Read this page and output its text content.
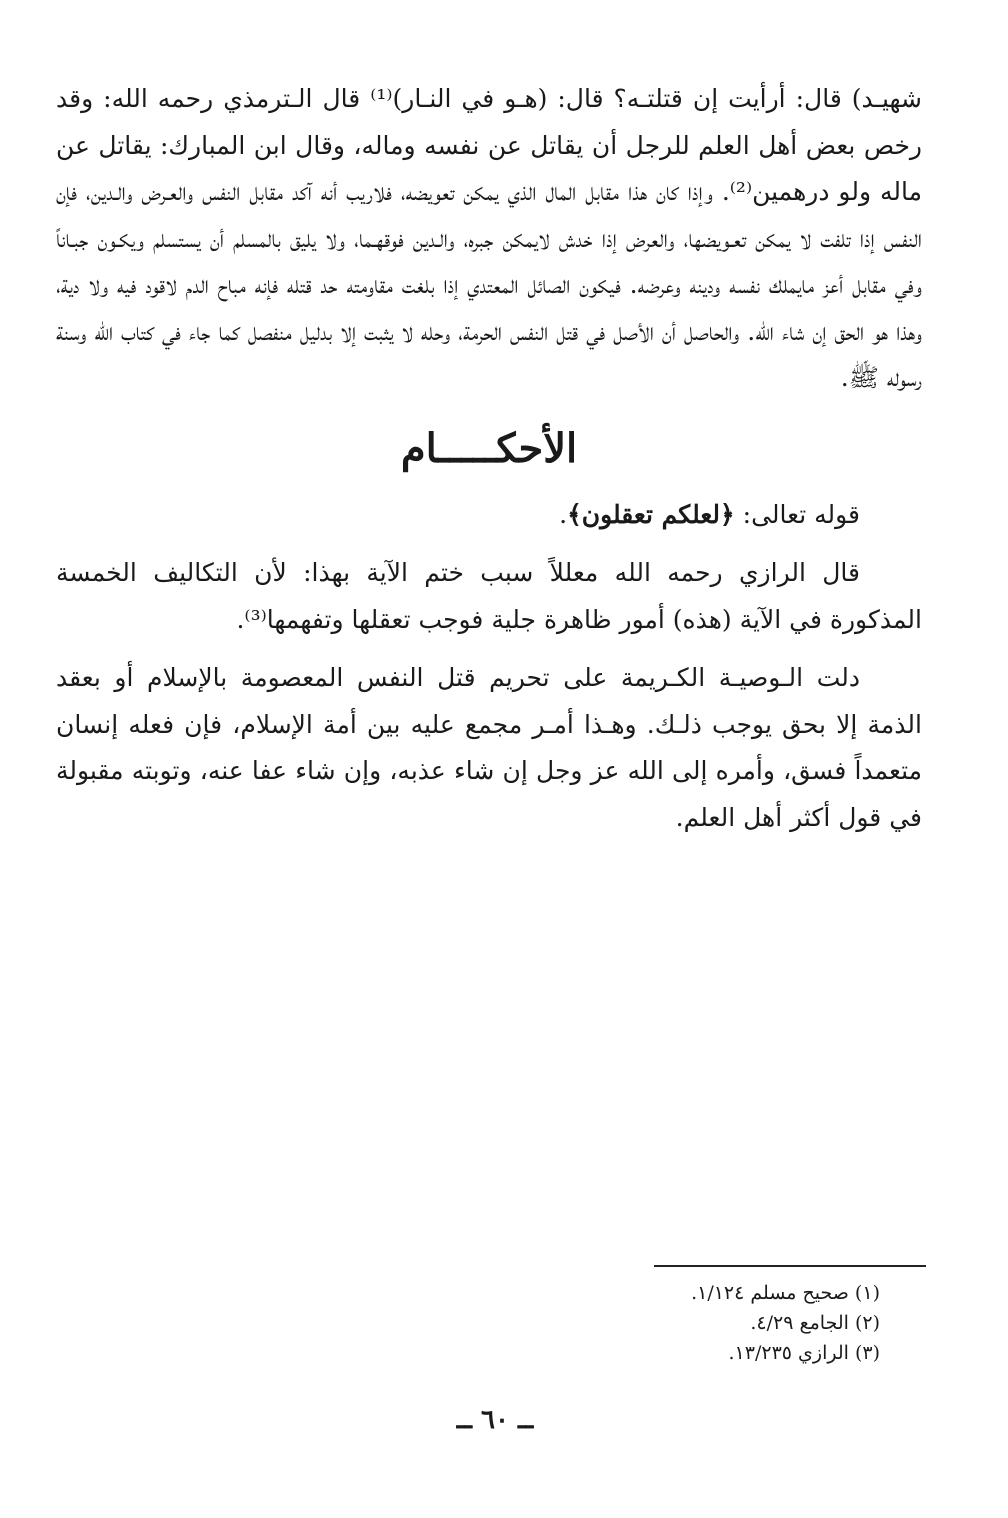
شهيـد) قال: أرأيت إن قتلتـه؟ قال: (هـو في النـار)⁽¹⁾ قال الـترمذي رحمه الله: وقد رخص بعض أهل العلم للرجل أن يقاتل عن نفسه وماله، وقال ابن المبارك: يقاتل عن ماله ولو درهمين⁽²⁾. وإذا كان هذا مقابل المال الذي يمكن تعويضه، فلاريب أنه آكد مقابل النفس والعـرض والـدين، فإن النفس إذا تلفت لا يمكن تعـويضها، والعرض إذا خدش لايمكن جبره، والـدين فوقهـما، ولا يليق بالمسلم أن يستسلم ويكـون جبـاناً وفي مقابل أعز مايملك نفسه ودينه وعرضه. فيكون الصائل المعتدي إذا بلغت مقاومته حد قتله فإنه مباح الدم لاقود فيه ولا دية، وهذا هو الحق إن شاء الله. والحاصل أن الأصل في قتل النفس الحرمة، وحله لا يثبت إلا بدليل منفصل كما جاء في كتاب الله وسنة رسوله ﷺ.

الأحكـــــام

قوله تعالى: ﴿لعلكم تعقلون﴾.

قال الرازي رحمه الله معللاً سبب ختم الآية بهذا: لأن التكاليف الخمسة المذكورة في الآية (هذه) أمور ظاهرة جلية فوجب تعقلها وتفهمها⁽³⁾.

دلت الـوصيـة الكـريمة على تحريم قتل النفس المعصومة بالإسلام أو بعقد الذمة إلا بحق يوجب ذلـك. وهـذا أمـر مجمع عليه بين أمة الإسلام، فإن فعله إنسان متعمداً فسق، وأمره إلى الله عز وجل إن شاء عذبه، وإن شاء عفا عنه، وتوبته مقبولة في قول أكثر أهل العلم.

(١) صحيح مسلم ١/١٢٤.

(٢) الجامع ٤/٢٩.

(٣) الرازي ١٣/٢٣٥.

ــ ٦٠ ــ
